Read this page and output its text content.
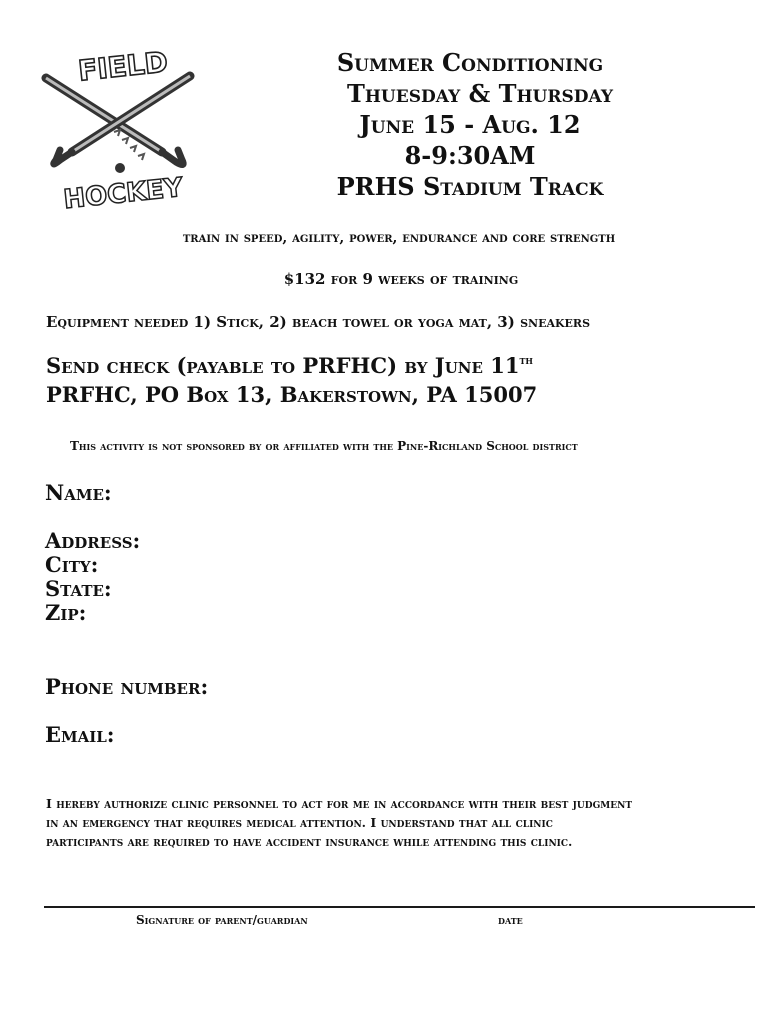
FIELD
HOCKEY
Summer Conditioning
Thuesday & Thursday
June 15 - Aug. 12
8-9:30AM
PRHS Stadium Track
train in speed, agility, power, endurance and core strength
$132 for 9 weeks of training
Equipment needed 1) Stick, 2) beach towel or yoga mat, 3) sneakers
Send check (payable to PRFHC) by June 11th
PRFHC, PO Box 13, Bakerstown, PA 15007
This activity is not sponsored by or affiliated with the Pine-Richland School district
Name:
Address:
City:
State:
Zip:
Phone number:
Email:
I hereby authorize clinic personnel to act for me in accordance with their best judgment
in an emergency that requires medical attention. I understand that all clinic
participants are required to have accident insurance while attending this clinic.
Signature of parent/guardian	date
